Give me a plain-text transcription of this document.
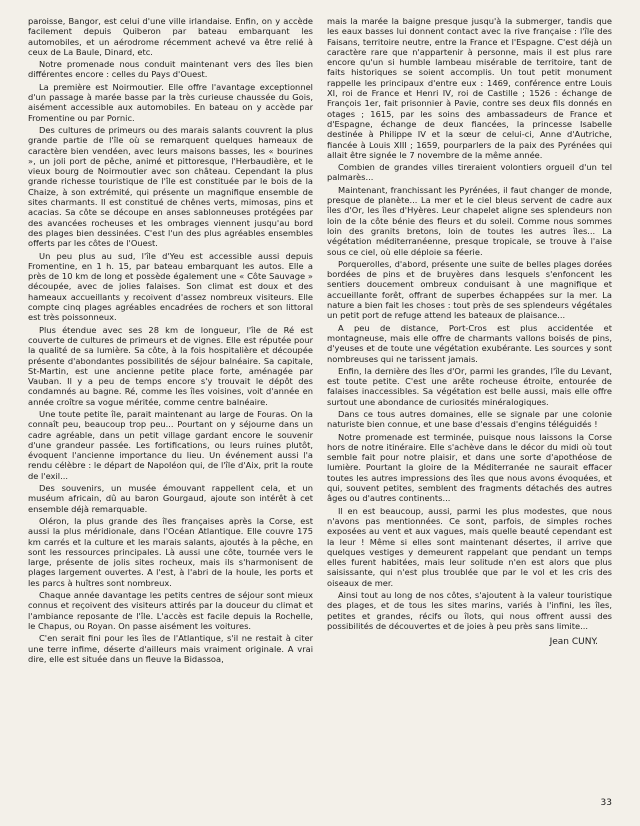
paroisse, Bangor, est celui d'une ville irlandaise. Enfin, on y accède facilement depuis Quiberon par bateau embarquant les automobiles, et un aérodrome récemment achevé va être relié à ceux de La Baule, Dinard, etc.

Notre promenade nous conduit maintenant vers des îles bien différentes encore : celles du Pays d'Ouest.

La première est Noirmoutier. Elle offre l'avantage exceptionnel d'un passage à marée basse par la très curieuse chaussée du Gois, aisément accessible aux automobiles. En bateau on y accède par Fromentine ou par Pornic.

Des cultures de primeurs ou des marais salants couvrent la plus grande partie de l'île où se remarquent quelques hameaux de caractère bien vendéen, avec leurs maisons basses, les « bourines », un joli port de pêche, animé et pittoresque, l'Herbaudière, et le vieux bourg de Noirmoutier avec son château. Cependant la plus grande richesse touristique de l'île est constituée par le bois de la Chaize, à son extrémité, qui présente un magnifique ensemble de sites charmants. Il est constitué de chênes verts, mimosas, pins et acacias. Sa côte se découpe en anses sablonneuses protégées par des avancées rocheuses et les ombrages viennent jusqu'au bord des plages bien dessinées. C'est l'un des plus agréables ensembles offerts par les côtes de l'Ouest.

Un peu plus au sud, l'île d'Yeu est accessible aussi depuis Fromentine, en 1 h. 15, par bateau embarquant les autos. Elle a près de 10 km de long et possède également une « Côte Sauvage » découpée, avec de jolies falaises. Son climat est doux et des hameaux accueillants y recoivent d'assez nombreux visiteurs. Elle compte cinq plages agréables encadrées de rochers et son littoral est très poissonneux.

Plus étendue avec ses 28 km de longueur, l'île de Ré est couverte de cultures de primeurs et de vignes. Elle est réputée pour la qualité de sa lumière. Sa côte, à la fois hospitalière et découpée présente d'abondantes possibilités de séjour balnéaire. Sa capitale, St-Martin, est une ancienne petite place forte, aménagée par Vauban. Il y a peu de temps encore s'y trouvait le dépôt des condamnés au bagne. Ré, comme les îles voisines, voit d'année en année croître sa vogue méritée, comme centre balnéaire.

Une toute petite île, parait maintenant au large de Fouras. On la connaît peu, beaucoup trop peu... Pourtant on y séjourne dans un cadre agréable, dans un petit village gardant encore le souvenir d'une grandeur passée. Les fortifications, ou leurs ruines plutôt, évoquent l'ancienne importance du lieu. Un événement aussi l'a rendu célèbre : le départ de Napoléon qui, de l'île d'Aix, prit la route de l'exil...

Des souvenirs, un musée émouvant rappellent cela, et un muséum africain, dû au baron Gourgaud, ajoute son intérêt à cet ensemble déjà remarquable.

Oléron, la plus grande des îles françaises après la Corse, est aussi la plus méridionale, dans l'Océan Atlantique. Elle couvre 175 km carrés et la culture et les marais salants, ajoutés à la pêche, en sont les ressources principales. Là aussi une côte, tournée vers le large, présente de jolis sites rocheux, mais ils s'harmonisent de plages largement ouvertes. A l'est, à l'abri de la houle, les ports et les parcs à huîtres sont nombreux.

Chaque année davantage les petits centres de séjour sont mieux connus et reçoivent des visiteurs attirés par la douceur du climat et l'ambiance reposante de l'île. L'accès est facile depuis la Rochelle, le Chapus, ou Royan. On passe aisément les voitures.

C'en serait fini pour les îles de l'Atlantique, s'il ne restait à citer une terre infime, déserte d'ailleurs mais vraiment originale. A vrai dire, elle est située dans un fleuve la Bidassoa,

mais la marée la baigne presque jusqu'à la submerger, tandis que les eaux basses lui donnent contact avec la rive française : l'île des Faisans, territoire neutre, entre la France et l'Espagne. C'est déjà un caractère rare que n'appartenir à personne, mais il est plus rare encore qu'un si humble lambeau misérable de territoire, tant de faits historiques se soient accomplis. Un tout petit monument rappelle les principaux d'entre eux : 1469, conférence entre Louis XI, roi de France et Henri IV, roi de Castille ; 1526 : échange de François 1er, fait prisonnier à Pavie, contre ses deux fils donnés en otages ; 1615, par les soins des ambassadeurs de France et d'Espagne, échange de deux fiancées, la princesse Isabelle destinée à Philippe IV et la sœur de celui-ci, Anne d'Autriche, fiancée à Louis XIII ; 1659, pourparlers de la paix des Pyrénées qui allait être signée le 7 novembre de la même année.

Combien de grandes villes tireraient volontiers orgueil d'un tel palmarès...

Maintenant, franchissant les Pyrénées, il faut changer de monde, presque de planète... La mer et le ciel bleus servent de cadre aux îles d'Or, les îles d'Hyères. Leur chapelet aligne ses splendeurs non loin de la côte bénie des fleurs et du soleil. Comme nous sommes loin des granits bretons, loin de toutes les autres îles... La végétation méditerranéenne, presque tropicale, se trouve à l'aise sous ce ciel, où elle déploie sa féerie.

Porquerolles, d'abord, présente une suite de belles plages dorées bordées de pins et de bruyères dans lesquels s'enfoncent les sentiers doucement ombreux conduisant à une magnifique et accueillante forêt, offrant de superbes échappées sur la mer. La nature a bien fait les choses : tout près de ses splendeurs végétales un petit port de refuge attend les bateaux de plaisance...

A peu de distance, Port-Cros est plus accidentée et montagneuse, mais elle offre de charmants vallons boisés de pins, d'yeuses et de toute une végétation exubérante. Les sources y sont nombreuses qui ne tarissent jamais.

Enfin, la dernière des îles d'Or, parmi les grandes, l'île du Levant, est toute petite. C'est une arête rocheuse étroite, entourée de falaises inaccessibles. Sa végétation est belle aussi, mais elle offre surtout une abondance de curiosités minéralogiques.

Dans ce tous autres domaines, elle se signale par une colonie naturiste bien connue, et une base d'essais d'engins téléguidés !

Notre promenade est terminée, puisque nous laissons la Corse hors de notre itinéraire. Elle s'achève dans le décor du midi où tout semble fait pour notre plaisir, et dans une sorte d'apothéose de lumière. Pourtant la gloire de la Méditerranée ne saurait effacer toutes les autres impressions des îles que nous avons évoquées, et qui, souvent petites, semblent des fragments détachés des autres âges ou d'autres continents...

Il en est beaucoup, aussi, parmi les plus modestes, que nous n'avons pas mentionnées. Ce sont, parfois, de simples roches exposées au vent et aux vagues, mais quelle beauté cependant est la leur ! Même si elles sont maintenant désertes, il arrive que quelques vestiges y demeurent rappelant que pendant un temps elles furent habitées, mais leur solitude n'en est alors que plus saisissante, qui n'est plus troublée que par le vol et les cris des oiseaux de mer.

Ainsi tout au long de nos côtes, s'ajoutent à la valeur touristique des plages, et de tous les sites marins, variés à l'infini, les îles, petites et grandes, récifs ou îlots, qui nous offrent aussi des possibilités de découvertes et de joies à peu près sans limite...

Jean CUNY.
33
